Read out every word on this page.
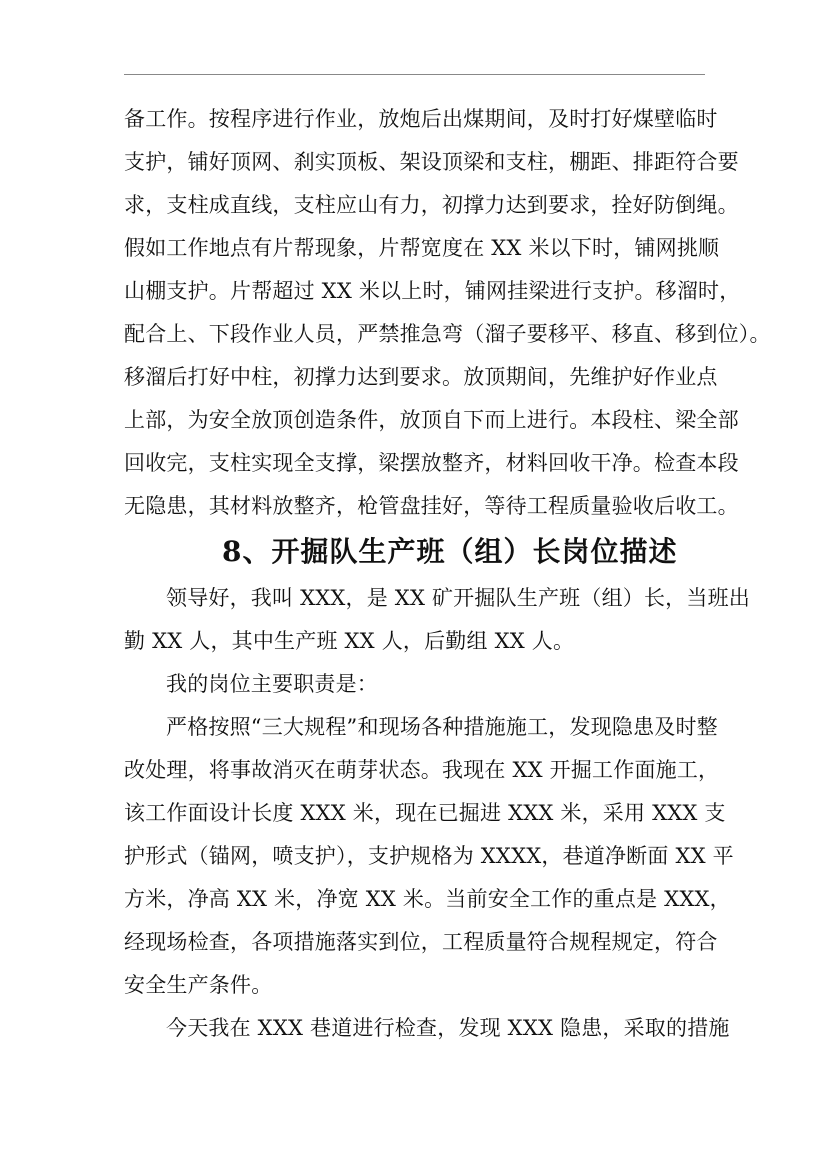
备工作。按程序进行作业，放炮后出煤期间，及时打好煤壁临时
支护，铺好顶网、刹实顶板、架设顶梁和支柱，棚距、排距符合要
求，支柱成直线，支柱应山有力，初撑力达到要求，拴好防倒绳。
假如工作地点有片帮现象，片帮宽度在 XX 米以下时，铺网挑顺
山棚支护。片帮超过 XX 米以上时，铺网挂梁进行支护。移溜时，
配合上、下段作业人员，严禁推急弯（溜子要移平、移直、移到位）。
移溜后打好中柱，初撑力达到要求。放顶期间，先维护好作业点
上部，为安全放顶创造条件，放顶自下而上进行。本段柱、梁全部
回收完，支柱实现全支撑，梁摆放整齐，材料回收干净。检查本段
无隐患，其材料放整齐，枪管盘挂好，等待工程质量验收后收工。
8、开掘队生产班（组）长岗位描述
领导好，我叫 XXX，是 XX 矿开掘队生产班（组）长，当班出
勤 XX 人，其中生产班 XX 人，后勤组 XX 人。
我的岗位主要职责是：
严格按照“三大规程”和现场各种措施施工，发现隐患及时整
改处理，将事故消灭在萌芽状态。我现在 XX 开掘工作面施工，
该工作面设计长度 XXX 米，现在已掘进 XXX 米，采用 XXX 支
护形式（锚网，喷支护），支护规格为 XXXX，巷道净断面 XX 平
方米，净高 XX 米，净宽 XX 米。当前安全工作的重点是 XXX，
经现场检查，各项措施落实到位，工程质量符合规程规定，符合
安全生产条件。
今天我在 XXX 巷道进行检查，发现 XXX 隐患，采取的措施
